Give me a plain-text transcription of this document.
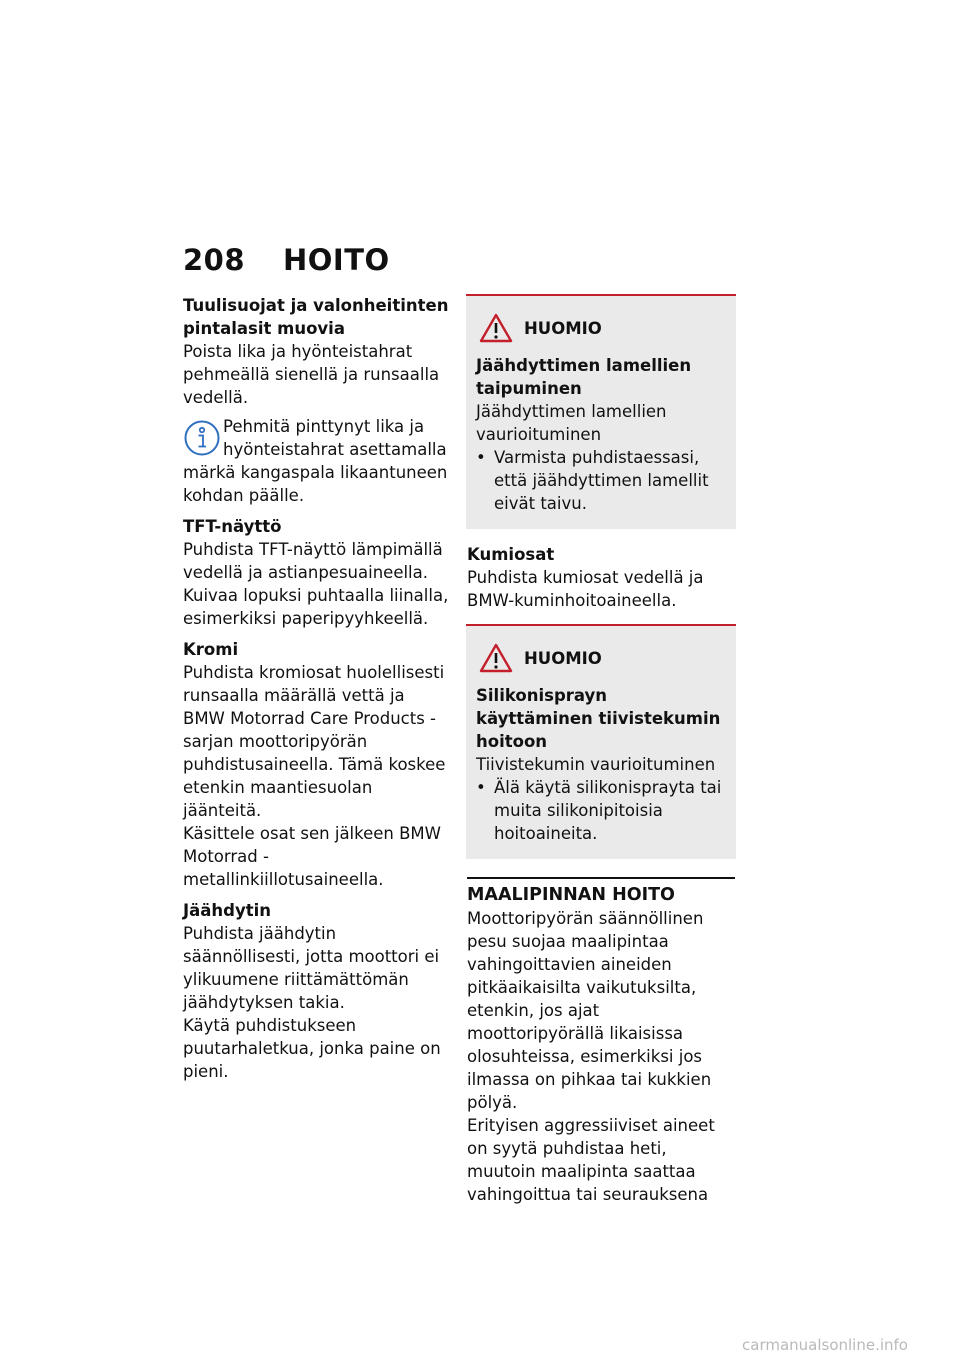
208 HOITO
Tuulisuojat ja valonheitinten pintalasit muovia
Poista lika ja hyönteistahrat pehmeällä sienellä ja runsaalla vedellä.
Pehmitä pinttynyt lika ja
hyönteistahrat asettamalla
märkä kangaspala likaantuneen kohdan päälle.
TFT-näyttö
Puhdista TFT-näyttö lämpimällä vedellä ja astianpesuaineella. Kuivaa lopuksi puhtaalla liinalla, esimerkiksi paperipyyhkeellä.
Kromi
Puhdista kromiosat huolellisesti runsaalla määrällä vettä ja BMW Motorrad Care Products -sarjan moottoripyörän puhdistusaineella. Tämä koskee etenkin maantiesuolan jäänteitä.
Käsittele osat sen jälkeen BMW Motorrad -metallinkiillotusaineella.
Jäähdytin
Puhdista jäähdytin säännöllisesti, jotta moottori ei ylikuumene riittämättömän jäähdytyksen takia.
Käytä puhdistukseen puutarhaletkua, jonka paine on pieni.
HUOMIO
Jäähdyttimen lamellien taipuminen
Jäähdyttimen lamellien vaurioituminen
• Varmista puhdistaessasi, että jäähdyttimen lamellit eivät taivu.
Kumiosat
Puhdista kumiosat vedellä ja BMW-kuminhoitoaineella.
HUOMIO
Silikonisprayn käyttäminen tiivistekumin hoitoon
Tiivistekumin vaurioituminen
• Älä käytä silikonisprayta tai muita silikonipitoisia hoitoaineita.
MAALIPINNAN HOITO
Moottoripyörän säännöllinen pesu suojaa maalipintaa vahingoittavien aineiden pitkäaikaisilta vaikutuksilta, etenkin, jos ajat moottoripyörällä likaisissa olosuhteissa, esimerkiksi jos ilmassa on pihkaa tai kukkien pölyä.
Erityisen aggressiiviset aineet on syytä puhdistaa heti, muutoin maalipinta saattaa vahingoittua tai seurauksena
carmanualsonline.info
